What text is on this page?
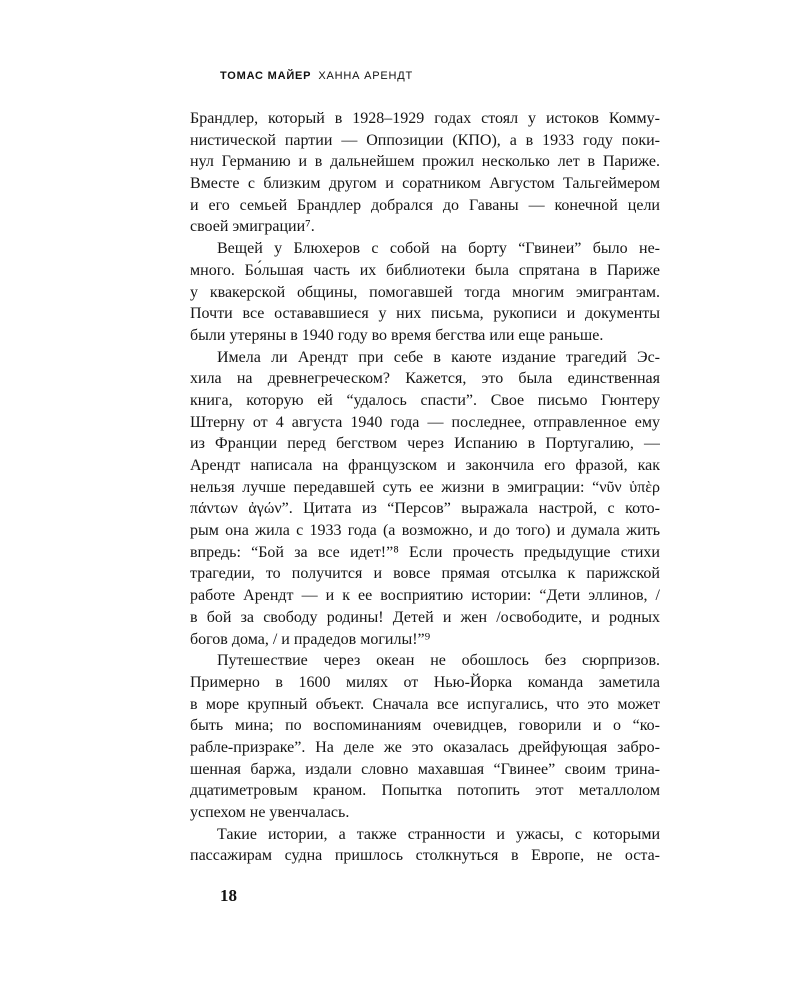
ТОМАС МАЙЕР ХАННА АРЕНДТ
Брандлер, который в 1928–1929 годах стоял у истоков Комму-
нистической партии — Оппозиции (КПО), а в 1933 году поки-
нул Германию и в дальнейшем прожил несколько лет в Париже.
Вместе с близким другом и соратником Августом Тальгеймером
и его семьей Брандлер добрался до Гаваны — конечной цели
своей эмиграции⁷.
Вещей у Блюхеров с собой на борту “Гвинеи” было не-
много. Бо́льшая часть их библиотеки была спрятана в Париже
у квакерской общины, помогавшей тогда многим эмигрантам.
Почти все остававшиеся у них письма, рукописи и документы
были утеряны в 1940 году во время бегства или еще раньше.
Имела ли Арендт при себе в каюте издание трагедий Эс-
хила на древнегреческом? Кажется, это была единственная
книга, которую ей “удалось спасти”. Свое письмо Гюнтеру
Штерну от 4 августа 1940 года — последнее, отправленное ему
из Франции перед бегством через Испанию в Португалию, —
Арендт написала на французском и закончила его фразой, как
нельзя лучше передавшей суть ее жизни в эмиграции: “νῦν ὑπὲρ
πάντων ἀγών”. Цитата из “Персов” выражала настрой, с кото-
рым она жила с 1933 года (а возможно, и до того) и думала жить
впредь: “Бой за все идет!”⁸ Если прочесть предыдущие стихи
трагедии, то получится и вовсе прямая отсылка к парижской
работе Арендт — и к ее восприятию истории: “Дети эллинов, /
в бой за свободу родины! Детей и жен /освободите, и родных
богов дома, / и прадедов могилы!”⁹
Путешествие через океан не обошлось без сюрпризов.
Примерно в 1600 милях от Нью-Йорка команда заметила
в море крупный объект. Сначала все испугались, что это может
быть мина; по воспоминаниям очевидцев, говорили и о “ко-
рабле-призраке”. На деле же это оказалась дрейфующая забро-
шенная баржа, издали словно махавшая “Гвинее” своим трина-
дцатиметровым краном. Попытка потопить этот металлолом
успехом не увенчалась.
Такие истории, а также странности и ужасы, с которыми
пассажирам судна пришлось столкнуться в Европе, не оста-
18
